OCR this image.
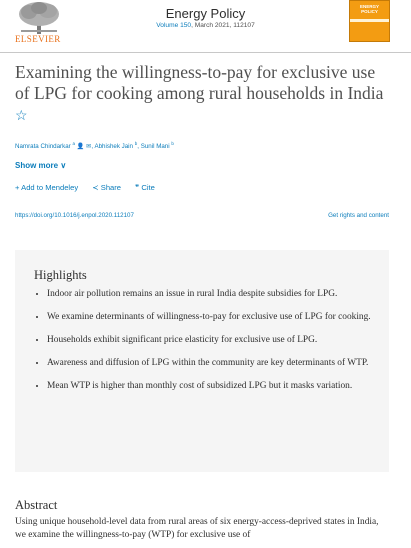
ELSEVIER
Energy Policy
Volume 150, March 2021, 112107
ENERGY POLICY
Examining the willingness-to-pay for exclusive use of LPG for cooking among rural households in India ☆
Namrata Chindarkar $^a$ 👤 ✉, Abhishek Jain $^b$, Sunil Mani $^b$
Show more ∨
+ Add to Mendeley ≺ Share ❞ Cite
https://doi.org/10.1016/j.enpol.2020.112107	Get rights and content
Highlights
• Indoor air pollution remains an issue in rural India despite subsidies for LPG.
• We examine determinants of willingness-to-pay for exclusive use of LPG for cooking.
• Households exhibit significant price elasticity for exclusive use of LPG.
• Awareness and diffusion of LPG within the community are key determinants of WTP.
• Mean WTP is higher than monthly cost of subsidized LPG but it masks variation.
Abstract
Using unique household-level data from rural areas of six energy-access-deprived states in India, we examine the willingness-to-pay (WTP) for exclusive use of
